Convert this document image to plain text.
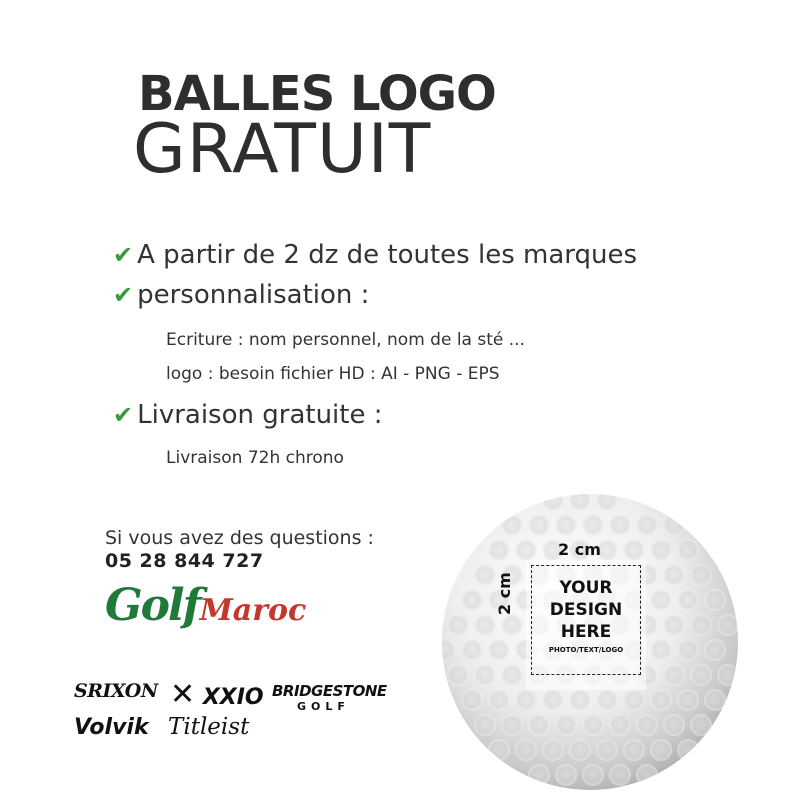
BALLES LOGO
GRATUIT
✔ A partir de 2 dz de toutes les marques
✔ personnalisation :
Ecriture : nom personnel, nom de la sté ...
logo : besoin fichier HD : AI - PNG - EPS
✔ Livraison gratuite :
Livraison 72h chrono
Si vous avez des questions :
05 28 844 727
GolfMaroc
SRIXON ✕ XXIO BRIDGESTONE
GOLF
Volvik Titleist
2 cm
2 cm	YOUR DESIGN HERE
PHOTO/TEXT/LOGO
